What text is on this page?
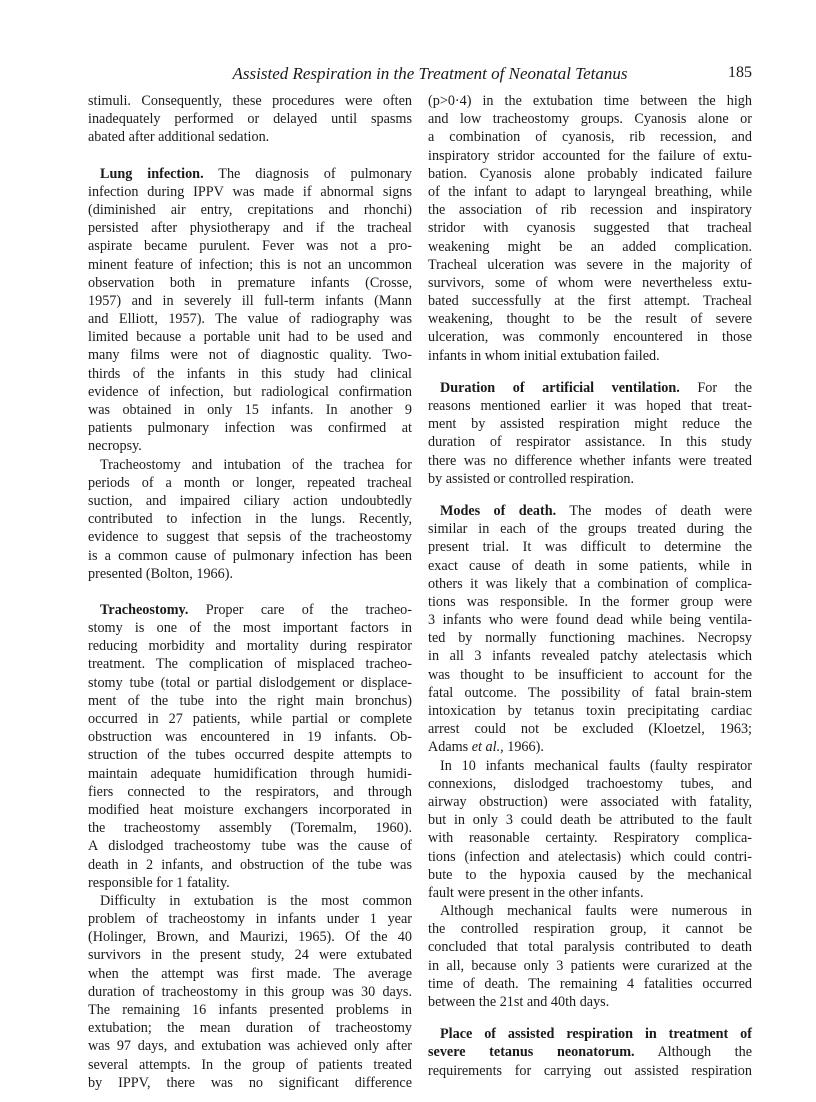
Assisted Respiration in the Treatment of Neonatal Tetanus	185
stimuli. Consequently, these procedures were often
inadequately performed or delayed until spasms
abated after additional sedation.
Lung infection. The diagnosis of pulmonary
infection during IPPV was made if abnormal signs
(diminished air entry, crepitations and rhonchi)
persisted after physiotherapy and if the tracheal
aspirate became purulent. Fever was not a pro-
minent feature of infection; this is not an uncommon
observation both in premature infants (Crosse,
1957) and in severely ill full-term infants (Mann
and Elliott, 1957). The value of radiography was
limited because a portable unit had to be used and
many films were not of diagnostic quality. Two-
thirds of the infants in this study had clinical
evidence of infection, but radiological confirmation
was obtained in only 15 infants. In another 9
patients pulmonary infection was confirmed at
necropsy.
Tracheostomy and intubation of the trachea for
periods of a month or longer, repeated tracheal
suction, and impaired ciliary action undoubtedly
contributed to infection in the lungs. Recently,
evidence to suggest that sepsis of the tracheostomy
is a common cause of pulmonary infection has been
presented (Bolton, 1966).
Tracheostomy. Proper care of the tracheo-
stomy is one of the most important factors in
reducing morbidity and mortality during respirator
treatment. The complication of misplaced tracheo-
stomy tube (total or partial dislodgement or displace-
ment of the tube into the right main bronchus)
occurred in 27 patients, while partial or complete
obstruction was encountered in 19 infants. Ob-
struction of the tubes occurred despite attempts to
maintain adequate humidification through humidi-
fiers connected to the respirators, and through
modified heat moisture exchangers incorporated in
the tracheostomy assembly (Toremalm, 1960).
A dislodged tracheostomy tube was the cause of
death in 2 infants, and obstruction of the tube was
responsible for 1 fatality.
Difficulty in extubation is the most common
problem of tracheostomy in infants under 1 year
(Holinger, Brown, and Maurizi, 1965). Of the 40
survivors in the present study, 24 were extubated
when the attempt was first made. The average
duration of tracheostomy in this group was 30 days.
The remaining 16 infants presented problems in
extubation; the mean duration of tracheostomy
was 97 days, and extubation was achieved only after
several attempts. In the group of patients treated
by IPPV, there was no significant difference
(p>0·4) in the extubation time between the high
and low tracheostomy groups. Cyanosis alone or
a combination of cyanosis, rib recession, and
inspiratory stridor accounted for the failure of extu-
bation. Cyanosis alone probably indicated failure
of the infant to adapt to laryngeal breathing, while
the association of rib recession and inspiratory
stridor with cyanosis suggested that tracheal
weakening might be an added complication.
Tracheal ulceration was severe in the majority of
survivors, some of whom were nevertheless extu-
bated successfully at the first attempt. Tracheal
weakening, thought to be the result of severe
ulceration, was commonly encountered in those
infants in whom initial extubation failed.
Duration of artificial ventilation. For the
reasons mentioned earlier it was hoped that treat-
ment by assisted respiration might reduce the
duration of respirator assistance. In this study
there was no difference whether infants were treated
by assisted or controlled respiration.
Modes of death. The modes of death were
similar in each of the groups treated during the
present trial. It was difficult to determine the
exact cause of death in some patients, while in
others it was likely that a combination of complica-
tions was responsible. In the former group were
3 infants who were found dead while being ventila-
ted by normally functioning machines. Necropsy
in all 3 infants revealed patchy atelectasis which
was thought to be insufficient to account for the
fatal outcome. The possibility of fatal brain-stem
intoxication by tetanus toxin precipitating cardiac
arrest could not be excluded (Kloetzel, 1963;
Adams et al., 1966).
In 10 infants mechanical faults (faulty respirator
connexions, dislodged trachoestomy tubes, and
airway obstruction) were associated with fatality,
but in only 3 could death be attributed to the fault
with reasonable certainty. Respiratory complica-
tions (infection and atelectasis) which could contri-
bute to the hypoxia caused by the mechanical
fault were present in the other infants.
Although mechanical faults were numerous in
the controlled respiration group, it cannot be
concluded that total paralysis contributed to death
in all, because only 3 patients were curarized at the
time of death. The remaining 4 fatalities occurred
between the 21st and 40th days.
Place of assisted respiration in treatment of
severe tetanus neonatorum. Although the
requirements for carrying out assisted respiration
